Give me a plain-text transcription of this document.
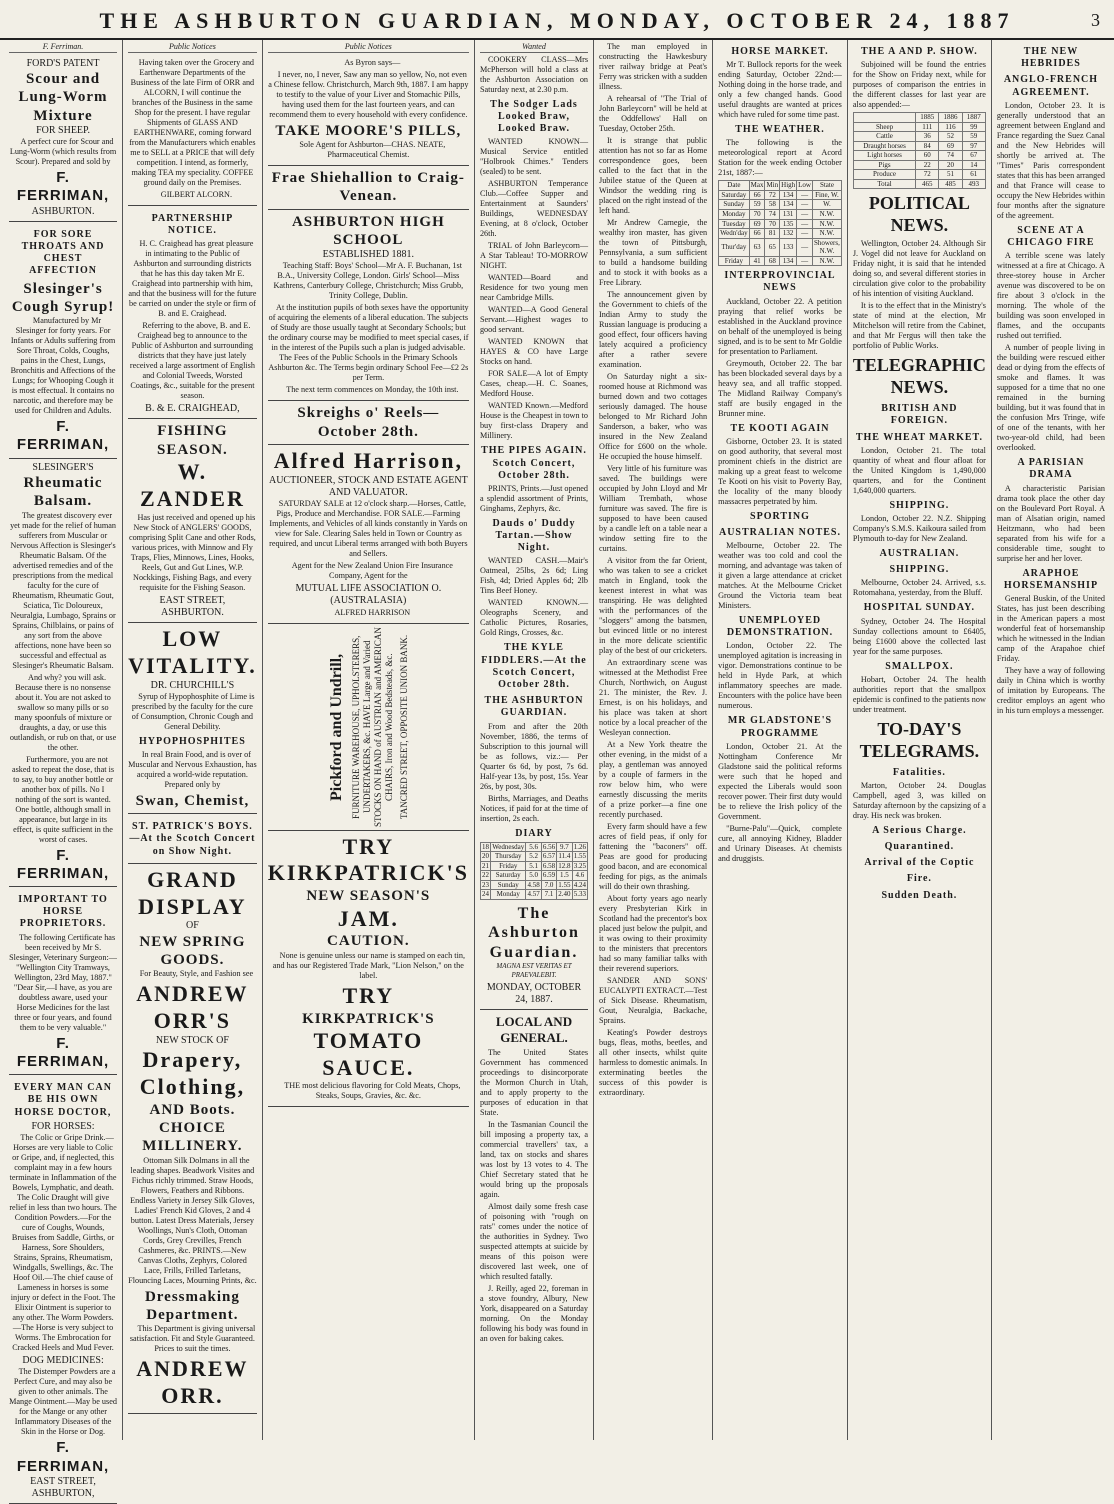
THE ASHBURTON GUARDIAN, MONDAY, OCTOBER 24, 1887	3
F. Ferriman.
FORD'S PATENT
Scour and Lung-Worm Mixture
FOR SHEEP.

A perfect cure for Scour and Lung-Worm (which results from Scour). Prepared and sold by

F. FERRIMAN,
ASHBURTON.
FOR SORE THROATS AND CHEST AFFECTION
Slesinger's Cough Syrup!

Manufactured by Mr Slesinger for forty years. For Infants or Adults suffering from Sore Throat, Colds, Coughs, pains in the Chest, Lungs, Bronchitis and Affections of the Lungs; for Whooping Cough it is most effectual. It contains no narcotic, and therefore may be used for Children and Adults.

F. FERRIMAN,
SLESINGER'S
Rheumatic Balsam.

The greatest discovery ever yet made for the relief of human sufferers from Muscular or Nervous Affection is Slesinger's Rheumatic Balsam. Of the advertised remedies and of the prescriptions from the medical faculty for the cure of Rheumatism, Rheumatic Gout, Sciatica, Tic Doloureux, Neuralgia, Lumbago, Sprains or Sprains, Chilblains, or pains of any sort from the above affections, none have been so successful and effectual as Slesinger's Rheumatic Balsam.

And why? you will ask. Because there is no nonsense about it. You are not asked to swallow so many pills or so many spoonfuls of mixture or draughts, a day, or use this outlandish, or rub on that, or use the other.

Furthermore, you are not asked to repeat the dose, that is to say, to buy another bottle or another box of pills. No I nothing of the sort is wanted. One bottle, although small in appearance, but large in its effect, is quite sufficient in the worst of cases.

F. FERRIMAN,
IMPORTANT TO HORSE PROPRIETORS.

The following Certificate has been received by Mr S. Slesinger, Veterinary Surgeon:— "Wellington City Tramways, Wellington, 23rd May, 1887." "Dear Sir,—I have, as you are doubtless aware, used your Horse Medicines for the last three or four years, and found them to be very valuable."

F. FERRIMAN,
EVERY MAN CAN BE HIS OWN HORSE DOCTOR,
FOR HORSES:

The Colic or Gripe Drink.—Horses are very liable to Colic or Gripe, and, if neglected, this complaint may in a few hours terminate in Inflammation of the Bowels, Lymphatic, and death. The Colic Draught will give relief in less than two hours. The Condition Powders.—For the cure of Coughs, Wounds, Bruises from Saddle, Girths, or Harness, Sore Shoulders, Strains, Sprains, Rheumatism, Windgalls, Swellings, &c. The Hoof Oil.—The chief cause of Lameness in horses is some injury or defect in the Foot. The Elixir Ointment is superior to any other. The Worm Powders.—The Horse is very subject to Worms. The Embrocation for Cracked Heels and Mud Fever.

DOG MEDICINES:

The Distemper Powders are a Perfect Cure, and may also be given to other animals. The Mange Ointment.—May be used for the Mange or any other Inflammatory Diseases of the Skin in the Horse or Dog.

F. FERRIMAN,
EAST STREET, ASHBURTON,
Public Notices

Having taken over the Grocery and Earthenware Departments of the Business of the late Firm of ORR and ALCORN, I will continue the branches of the Business in the same Shop for the present. I have regular Shipments of GLASS AND EARTHENWARE, coming forward from the Manufacturers which enables me to SELL at a PRICE that will defy competition. I intend, as formerly, making TEA my speciality. COFFEE ground daily on the Premises.

GILBERT ALCORN.

PARTNERSHIP NOTICE.

H. C. Craighead has great pleasure in intimating to the Public of Ashburton and surrounding districts that he has this day taken Mr E. Craighead into partnership with him, and that the business will for the future be carried on under the style or firm of B. and E. Craighead.

Referring to the above, B. and E. Craighead beg to announce to the Public of Ashburton and surrounding districts that they have just lately received a large assortment of English and Colonial Tweeds, Worsted Coatings, &c., suitable for the present season.

B. & E. CRAIGHEAD,
FISHING SEASON.
W. ZANDER

Has just received and opened up his New Stock of ANGLERS' GOODS, comprising Split Cane and other Rods, various prices, with Minnow and Fly Traps, Flies, Minnows, Lines, Hooks, Reels, Gut and Gut Lines, W.P. Nockkings, Fishing Bags, and every requisite for the Fishing Season.

EAST STREET, ASHBURTON.
LOW VITALITY.
DR. CHURCHILL'S

Syrup of Hypophosphite of Lime is prescribed by the faculty for the cure of Consumption, Chronic Cough and General Debility.

HYPOPHOSPHITES

In real Brain Food, and is over of Muscular and Nervous Exhaustion, has acquired a world-wide reputation. Prepared only by

Swan, Chemist,
ST. PATRICK'S BOYS.—At the Scotch Concert on Show Night.
GRAND DISPLAY
OF
NEW SPRING GOODS.

For Beauty, Style, and Fashion see

ANDREW ORR'S
NEW STOCK OF
Drapery, Clothing,
AND Boots.
CHOICE MILLINERY.

Ottoman Silk Dolmans in all the leading shapes. Beadwork Visites and Fichus richly trimmed. Straw Hoods, Flowers, Feathers and Ribbons. Endless Variety in Jersey Silk Gloves, Ladies' French Kid Gloves, 2 and 4 button. Latest Dress Materials, Jersey Woollings, Nun's Cloth, Ottoman Cords, Grey Crevilles, French Cashmeres, &c. PRINTS.—New Canvas Cloths, Zephyrs, Colored Lace, Frills, Frilled Tarletans, Flouncing Laces, Mourning Prints, &c.

Dressmaking Department.

This Department is giving universal satisfaction. Fit and Style Guaranteed. Prices to suit the times.

ANDREW ORR.
Public Notices

As Byron says—

I never, no, I never, Saw any man so yellow, No, not even a Chinese fellow. Christchurch, March 9th, 1887. I am happy to testify to the value of your Liver and Stomachic Pills, having used them for the last fourteen years, and can recommend them to every household with every confidence.

TAKE MOORE'S PILLS,

Sole Agent for Ashburton—CHAS. NEATE, Pharmaceutical Chemist.

Frae Shiehallion to Craig-Venean.
ASHBURTON HIGH SCHOOL
ESTABLISHED 1881.

Teaching Staff: Boys' School—Mr A. F. Buchanan, 1st B.A., University College, London. Girls' School—Miss Kathrens, Canterbury College, Christchurch; Miss Grubb, Trinity College, Dublin.

At the institution pupils of both sexes have the opportunity of acquiring the elements of a liberal education. The subjects of Study are those usually taught at Secondary Schools; but the ordinary course may be modified to meet special cases, if in the interest of the Pupils such a plan is judged advisable. The Fees of the Public Schools in the Primary Schools Ashburton &c. The Terms begin ordinary School Fee—£2 2s per Term.

The next term commences on Monday, the 10th inst.

Skreighs o' Reels—October 28th.
Alfred Harrison,
AUCTIONEER, STOCK AND ESTATE AGENT AND VALUATOR.

SATURDAY SALE at 12 o'clock sharp.—Horses, Cattle, Pigs, Produce and Merchandise. FOR SALE.—Farming Implements, and Vehicles of all kinds constantly in Yards on view for Sale. Clearing Sales held in Town or Country as required, and uncut Liberal terms arranged with both Buyers and Sellers.

Agent for the New Zealand Union Fire Insurance Company, Agent for the

MUTUAL LIFE ASSOCIATION O. (AUSTRALASIA)

ALFRED HARRISON

Pickford and Undrill, FURNITURE WAREHOUSE, UPHOLSTERERS, UNDERTAKERS, &c. HAVE Large and Varied STOCKS ON HAND of AUSTRIAN and AMERICAN CHAIRS, Iron and Wood Bedsteads, &c. TANCRED STREET, OPPOSITE UNION BANK.
TRY
KIRKPATRICK'S
NEW SEASON'S
JAM.
CAUTION.

None is genuine unless our name is stamped on each tin, and has our Registered Trade Mark, "Lion Nelson," on the label.

TRY
KIRKPATRICK'S
TOMATO SAUCE.

THE most delicious flavoring for Cold Meats, Chops, Steaks, Soups, Gravies, &c. &c.

Wanted

COOKERY CLASS—Mrs McPherson will hold a class at the Ashburton Association on Saturday next, at 2.30 p.m.

The Sodger Lads Looked Braw, Looked Braw.

WANTED KNOWN—Musical Service entitled "Holbrook Chimes." Tenders (sealed) to be sent.

ASHBURTON Temperance Club.—Coffee Supper and Entertainment at Saunders' Buildings, WEDNESDAY Evening, at 8 o'clock, October 26th.

TRIAL of John Barleycorn—A Star Tableau! TO-MORROW NIGHT.

WANTED—Board and Residence for two young men near Cambridge Mills.

WANTED—A Good General Servant.—Highest wages to good servant.

WANTED KNOWN that HAYES & CO have Large Stocks on hand.

FOR SALE—A lot of Empty Cases, cheap.—H. C. Soanes, Medford House.

WANTED Known.—Medford House is the Cheapest in town to buy first-class Drapery and Millinery.

THE PIPES AGAIN. Scotch Concert, October 28th.

PRINTS, Prints.—Just opened a splendid assortment of Prints, Ginghams, Zephyrs, &c.

Dauds o' Duddy Tartan.—Show Night.

WANTED CASH.—Mair's Oatmeal, 25lbs, 2s 6d; Ling Fish, 4d; Dried Apples 6d; 2lb Tins Beef Honey.

WANTED KNOWN.—Oleographs Scenery, and Catholic Pictures, Rosaries, Gold Rings, Crosses, &c.

THE KYLE FIDDLERS.—At the Scotch Concert, October 28th.
THE ASHBURTON GUARDIAN.

From and after the 20th November, 1886, the terms of Subscription to this journal will be as follows, viz.:— Per Quarter 6s 6d, by post, 7s 6d. Half-year 13s, by post, 15s. Year 26s, by post, 30s.

Births, Marriages, and Deaths Notices, if paid for at the time of insertion, 2s each.

DIARY
18	Wednesday	5.6	6.56	9.7	1.26
20	Thursday	5.2	6.57	11.4	1.55
21	Friday	5.1	6.58	12.8	3.25
22	Saturday	5.0	6.59	1.5	4.6
23	Sunday	4.58	7.0	1.55	4.24
24	Monday	4.57	7.1	2.40	5.33
The Ashburton Guardian.
MAGNA EST VERITAS ET PRAEVALEBIT.
MONDAY, OCTOBER 24, 1887.
LOCAL AND GENERAL.

The United States Government has commenced proceedings to disincorporate the Mormon Church in Utah, and to apply property to the purposes of education in that State.

In the Tasmanian Council the bill imposing a property tax, a commercial travellers' tax, a land, tax on stocks and shares was lost by 13 votes to 4. The Chief Secretary stated that he would bring up the proposals again.

Almost daily some fresh case of poisoning with "rough on rats" comes under the notice of the authorities in Sydney. Two suspected attempts at suicide by means of this poison were discovered last week, one of which resulted fatally.

J. Reilly, aged 22, foreman in a stove foundry, Albury, New York, disappeared on a Saturday morning. On the Monday following his body was found in an oven for baking cakes.

The man employed in constructing the Hawkesbury river railway bridge at Peat's Ferry was stricken with a sudden illness.

A rehearsal of "The Trial of John Barleycorn" will be held at the Oddfellows' Hall on Tuesday, October 25th.

It is strange that public attention has not so far as Home correspondence goes, been called to the fact that in the Jubilee statue of the Queen at Windsor the wedding ring is placed on the right instead of the left hand.

Mr Andrew Carnegie, the wealthy iron master, has given the town of Pittsburgh, Pennsylvania, a sum sufficient to build a handsome building and to stock it with books as a Free Library.

The announcement given by the Government to chiefs of the Indian Army to study the Russian language is producing a good effect, four officers having lately acquired a proficiency after a rather severe examination.

On Saturday night a six-roomed house at Richmond was burned down and two cottages seriously damaged. The house belonged to Mr Richard John Sanderson, a baker, who was insured in the New Zealand Office for £600 on the whole. He occupied the house himself.

Very little of his furniture was saved. The buildings were occupied by John Lloyd and Mr William Trembath, whose furniture was saved. The fire is supposed to have been caused by a candle left on a table near a window setting fire to the curtains.

A visitor from the far Orient, who was taken to see a cricket match in England, took the keenest interest in what was transpiring. He was delighted with the performances of the "sloggers" among the batsmen, but evinced little or no interest in the more delicate scientific play of the best of our cricketers.

An extraordinary scene was witnessed at the Methodist Free Church, Northwich, on August 21. The minister, the Rev. J. Ernest, is on his holidays, and his place was taken at short notice by a local preacher of the Wesleyan connection.

At a New York theatre the other evening, in the midst of a play, a gentleman was annoyed by a couple of farmers in the row below him, who were earnestly discussing the merits of a prize porker—a fine one recently purchased.

Every farm should have a few acres of field peas, if only for fattening the "baconers" off. Peas are good for producing good bacon, and are economical feeding for pigs, as the animals will do their own thrashing.

About forty years ago nearly every Presbyterian Kirk in Scotland had the precentor's box placed just below the pulpit, and it was owing to their proximity to the ministers that precentors had so many familiar talks with their reverend superiors.

SANDER AND SONS' EUCALYPTI EXTRACT.—Test of Sick Disease. Rheumatism, Gout, Neuralgia, Backache, Sprains.

Keating's Powder destroys bugs, fleas, moths, beetles, and all other insects, whilst quite harmless to domestic animals. In exterminating beetles the success of this powder is extraordinary.

HORSE MARKET.

Mr T. Bullock reports for the week ending Saturday, October 22nd:—Nothing doing in the horse trade, and only a few changed hands. Good useful draughts are wanted at prices which have ruled for some time past.

THE WEATHER.

The following is the meteorological report at Acord Station for the week ending October 21st, 1887:—

Date	Max	Min	High	Low	State
Saturday	66	72	134	—	Fine, W.
Sunday	59	58	134	—	W.
Monday	70	74	131	—	N.W.
Tuesday	69	70	135	—	N.W.
Wedn'day	66	81	132	—	N.W.
Thur'day	63	65	133	—	Showers, N.W.
Friday	41	68	134	—	N.W.
INTERPROVINCIAL NEWS

Auckland, October 22. A petition praying that relief works be established in the Auckland province on behalf of the unemployed is being signed, and is to be sent to Mr Goldie for presentation to Parliament.

Greymouth, October 22. The bar has been blockaded several days by a heavy sea, and all traffic stopped. The Midland Railway Company's staff are busily engaged in the Brunner mine.

TE KOOTI AGAIN

Gisborne, October 23. It is stated on good authority, that several most prominent chiefs in the district are making up a great feast to welcome Te Kooti on his visit to Poverty Bay, the locality of the many bloody massacres perpetrated by him.

SPORTING
AUSTRALIAN NOTES.

Melbourne, October 22. The weather was too cold and cool the morning, and advantage was taken of it given a large attendance at cricket matches. At the Melbourne Cricket Ground the Victoria team beat Ministers.

UNEMPLOYED DEMONSTRATION.

London, October 22. The unemployed agitation is increasing in vigor. Demonstrations continue to be held in Hyde Park, at which inflammatory speeches are made. Encounters with the police have been numerous.

MR GLADSTONE'S PROGRAMME

London, October 21. At the Nottingham Conference Mr Gladstone said the political reforms were such that he hoped and expected the Liberals would soon recover power. Their first duty would be to relieve the Irish policy of the Government.

"Burne-Palu"—Quick, complete cure, all annoying Kidney, Bladder and Urinary Diseases. At chemists and druggists.

THE A AND P. SHOW.

Subjoined will be found the entries for the Show on Friday next, while for purposes of comparison the entries in the different classes for last year are also appended:—

	1885	1886	1887
Sheep	111	116	99
Cattle	36	52	59
Draught horses	84	69	97
Light horses	60	74	67
Pigs	22	20	14
Produce	72	51	61
Total	465	485	493
POLITICAL NEWS.

Wellington, October 24. Although Sir J. Vogel did not leave for Auckland on Friday night, it is said that he intended doing so, and several different stories in circulation give color to the probability of his intention of visiting Auckland.

It is to the effect that in the Ministry's state of mind at the election, Mr Mitchelson will retire from the Cabinet, and that Mr Fergus will then take the portfolio of Public Works.

TELEGRAPHIC NEWS.
BRITISH AND FOREIGN.
THE WHEAT MARKET.

London, October 21. The total quantity of wheat and flour afloat for the United Kingdom is 1,490,000 quarters, and for the Continent 1,640,000 quarters.

SHIPPING.

London, October 22. N.Z. Shipping Company's S.M.S. Kaikoura sailed from Plymouth to-day for New Zealand.

AUSTRALIAN.
SHIPPING.

Melbourne, October 24. Arrived, s.s. Rotomahana, yesterday, from the Bluff.

HOSPITAL SUNDAY.

Sydney, October 24. The Hospital Sunday collections amount to £6405, being £1600 above the collected last year for the same purposes.

SMALLPOX.

Hobart, October 24. The health authorities report that the smallpox epidemic is confined to the patients now under treatment.

TO-DAY'S TELEGRAMS.
Fatalities.

Marton, October 24. Douglas Campbell, aged 3, was killed on Saturday afternoon by the capsizing of a dray. His neck was broken.

A Serious Charge.
Quarantined.
Arrival of the Coptic
Fire.
Sudden Death.
THE NEW HEBRIDES
ANGLO-FRENCH AGREEMENT.

London, October 23. It is generally understood that an agreement between England and France regarding the Suez Canal and the New Hebrides will shortly be arrived at. The "Times" Paris correspondent states that this has been arranged and that France will cease to occupy the New Hebrides within four months after the signature of the agreement.

SCENE AT A CHICAGO FIRE

A terrible scene was lately witnessed at a fire at Chicago. A three-storey house in Archer avenue was discovered to be on fire about 3 o'clock in the morning. The whole of the building was soon enveloped in flames, and the occupants rushed out terrified.

A number of people living in the building were rescued either dead or dying from the effects of smoke and flames. It was supposed for a time that no one remained in the burning building, but it was found that in the confusion Mrs Tringe, wife of one of the tenants, with her two-year-old child, had been overlooked.

A PARISIAN DRAMA

A characteristic Parisian drama took place the other day on the Boulevard Port Royal. A man of Alsatian origin, named Heitzmann, who had been separated from his wife for a considerable time, sought to surprise her and her lover.

ARAPHOE HORSEMANSHIP

General Buskin, of the United States, has just been describing in the American papers a most wonderful feat of horsemanship which he witnessed in the Indian camp of the Arapahoe chief Friday.

They have a way of following daily in China which is worthy of imitation by Europeans. The creditor employs an agent who in his turn employs a messenger.
